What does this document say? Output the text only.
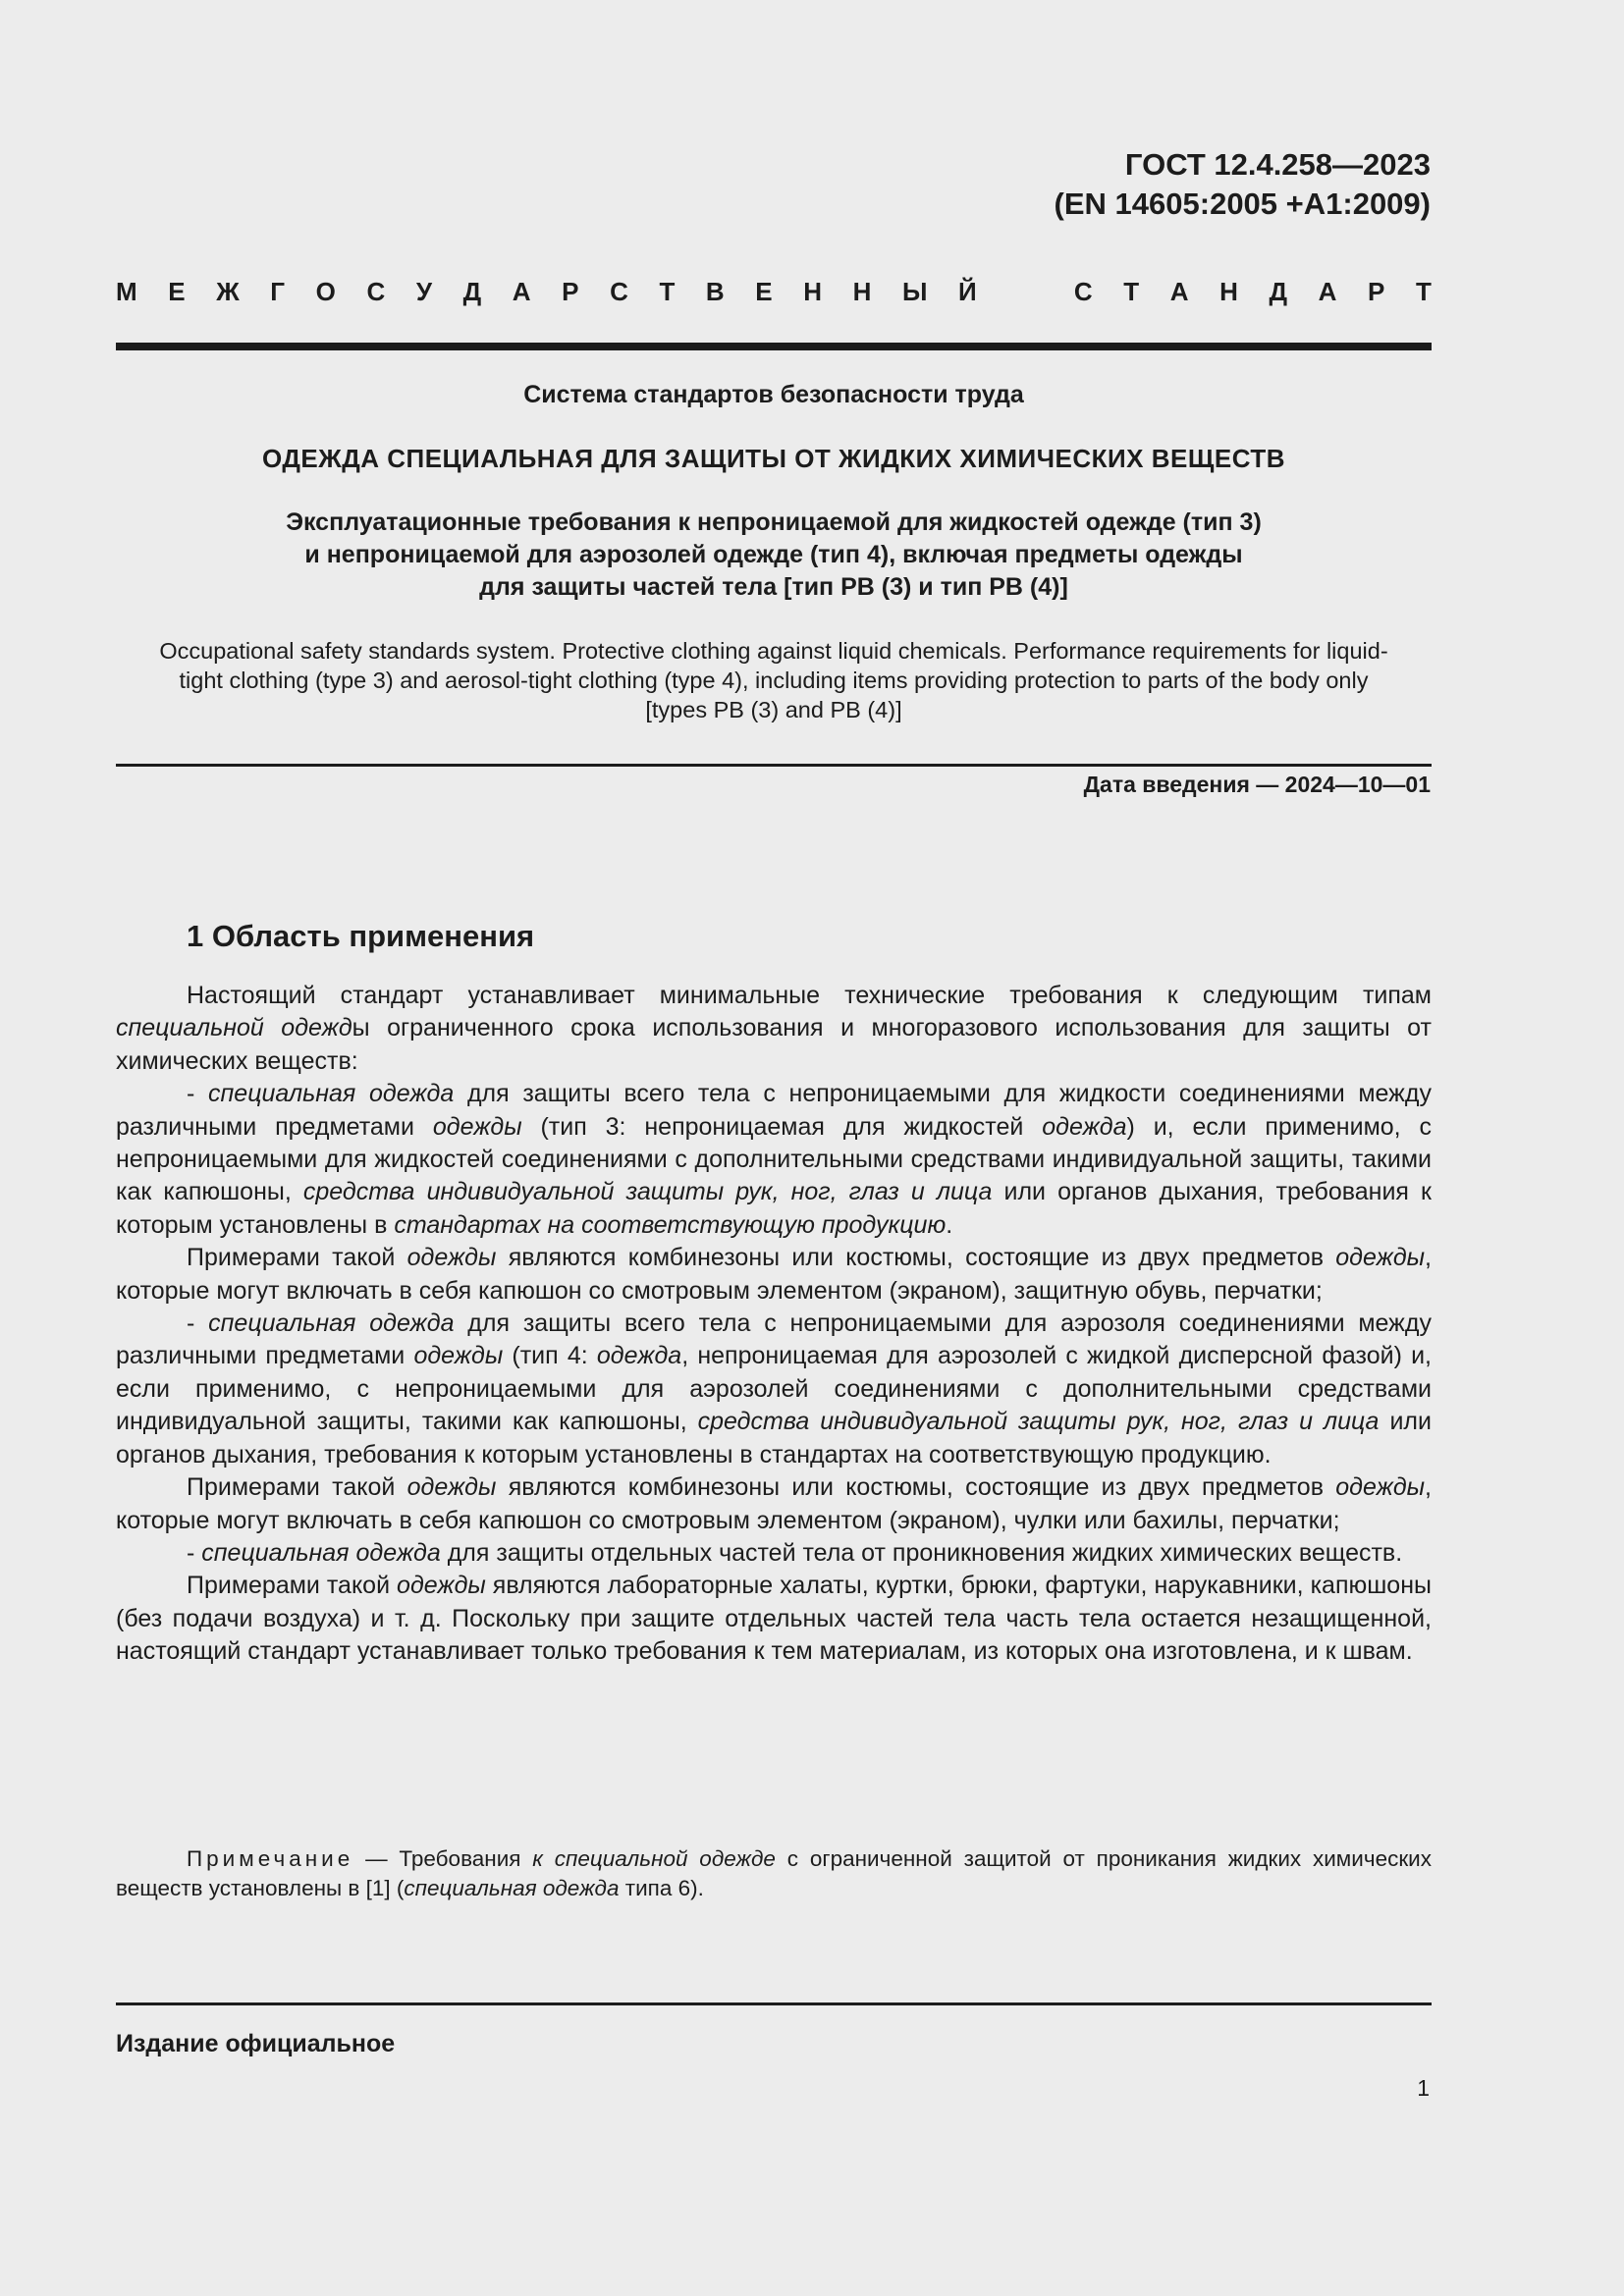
ГОСТ 12.4.258—2023
(EN 14605:2005 +A1:2009)
М Е Ж Г О С У Д А Р С Т В Е Н Н Ы Й	С Т А Н Д А Р Т
Система стандартов безопасности труда
ОДЕЖДА СПЕЦИАЛЬНАЯ ДЛЯ ЗАЩИТЫ ОТ ЖИДКИХ ХИМИЧЕСКИХ ВЕЩЕСТВ
Эксплуатационные требования к непроницаемой для жидкостей одежде (тип 3)
и непроницаемой для аэрозолей одежде (тип 4), включая предметы одежды
для защиты частей тела [тип PB (3) и тип PB (4)]
Occupational safety standards system. Protective clothing against liquid chemicals. Performance requirements for liquid-
tight clothing (type 3) and aerosol-tight clothing (type 4), including items providing protection to parts of the body only
[types PB (3) and PB (4)]
Дата введения — 2024—10—01
1 Область применения

Настоящий стандарт устанавливает минимальные технические требования к следующим типам специальной одежды ограниченного срока использования и многоразового использования для защиты от химических веществ:

- специальная одежда для защиты всего тела с непроницаемыми для жидкости соединениями между различными предметами одежды (тип 3: непроницаемая для жидкостей одежда) и, если применимо, с непроницаемыми для жидкостей соединениями с дополнительными средствами индивидуальной защиты, такими как капюшоны, средства индивидуальной защиты рук, ног, глаз и лица или органов дыхания, требования к которым установлены в стандартах на соответствующую продукцию.

Примерами такой одежды являются комбинезоны или костюмы, состоящие из двух предметов одежды, которые могут включать в себя капюшон со смотровым элементом (экраном), защитную обувь, перчатки;

- специальная одежда для защиты всего тела с непроницаемыми для аэрозоля соединениями между различными предметами одежды (тип 4: одежда, непроницаемая для аэрозолей с жидкой дисперсной фазой) и, если применимо, с непроницаемыми для аэрозолей соединениями с дополнительными средствами индивидуальной защиты, такими как капюшоны, средства индивидуальной защиты рук, ног, глаз и лица или органов дыхания, требования к которым установлены в стандартах на соответствующую продукцию.

Примерами такой одежды являются комбинезоны или костюмы, состоящие из двух предметов одежды, которые могут включать в себя капюшон со смотровым элементом (экраном), чулки или бахилы, перчатки;

- специальная одежда для защиты отдельных частей тела от проникновения жидких химических веществ.

Примерами такой одежды являются лабораторные халаты, куртки, брюки, фартуки, нарукавники, капюшоны (без подачи воздуха) и т. д. Поскольку при защите отдельных частей тела часть тела остается незащищенной, настоящий стандарт устанавливает только требования к тем материалам, из которых она изготовлена, и к швам.

Примечание — Требования к специальной одежде с ограниченной защитой от проникания жидких химических веществ установлены в [1] (специальная одежда типа 6).
Издание официальное
1
